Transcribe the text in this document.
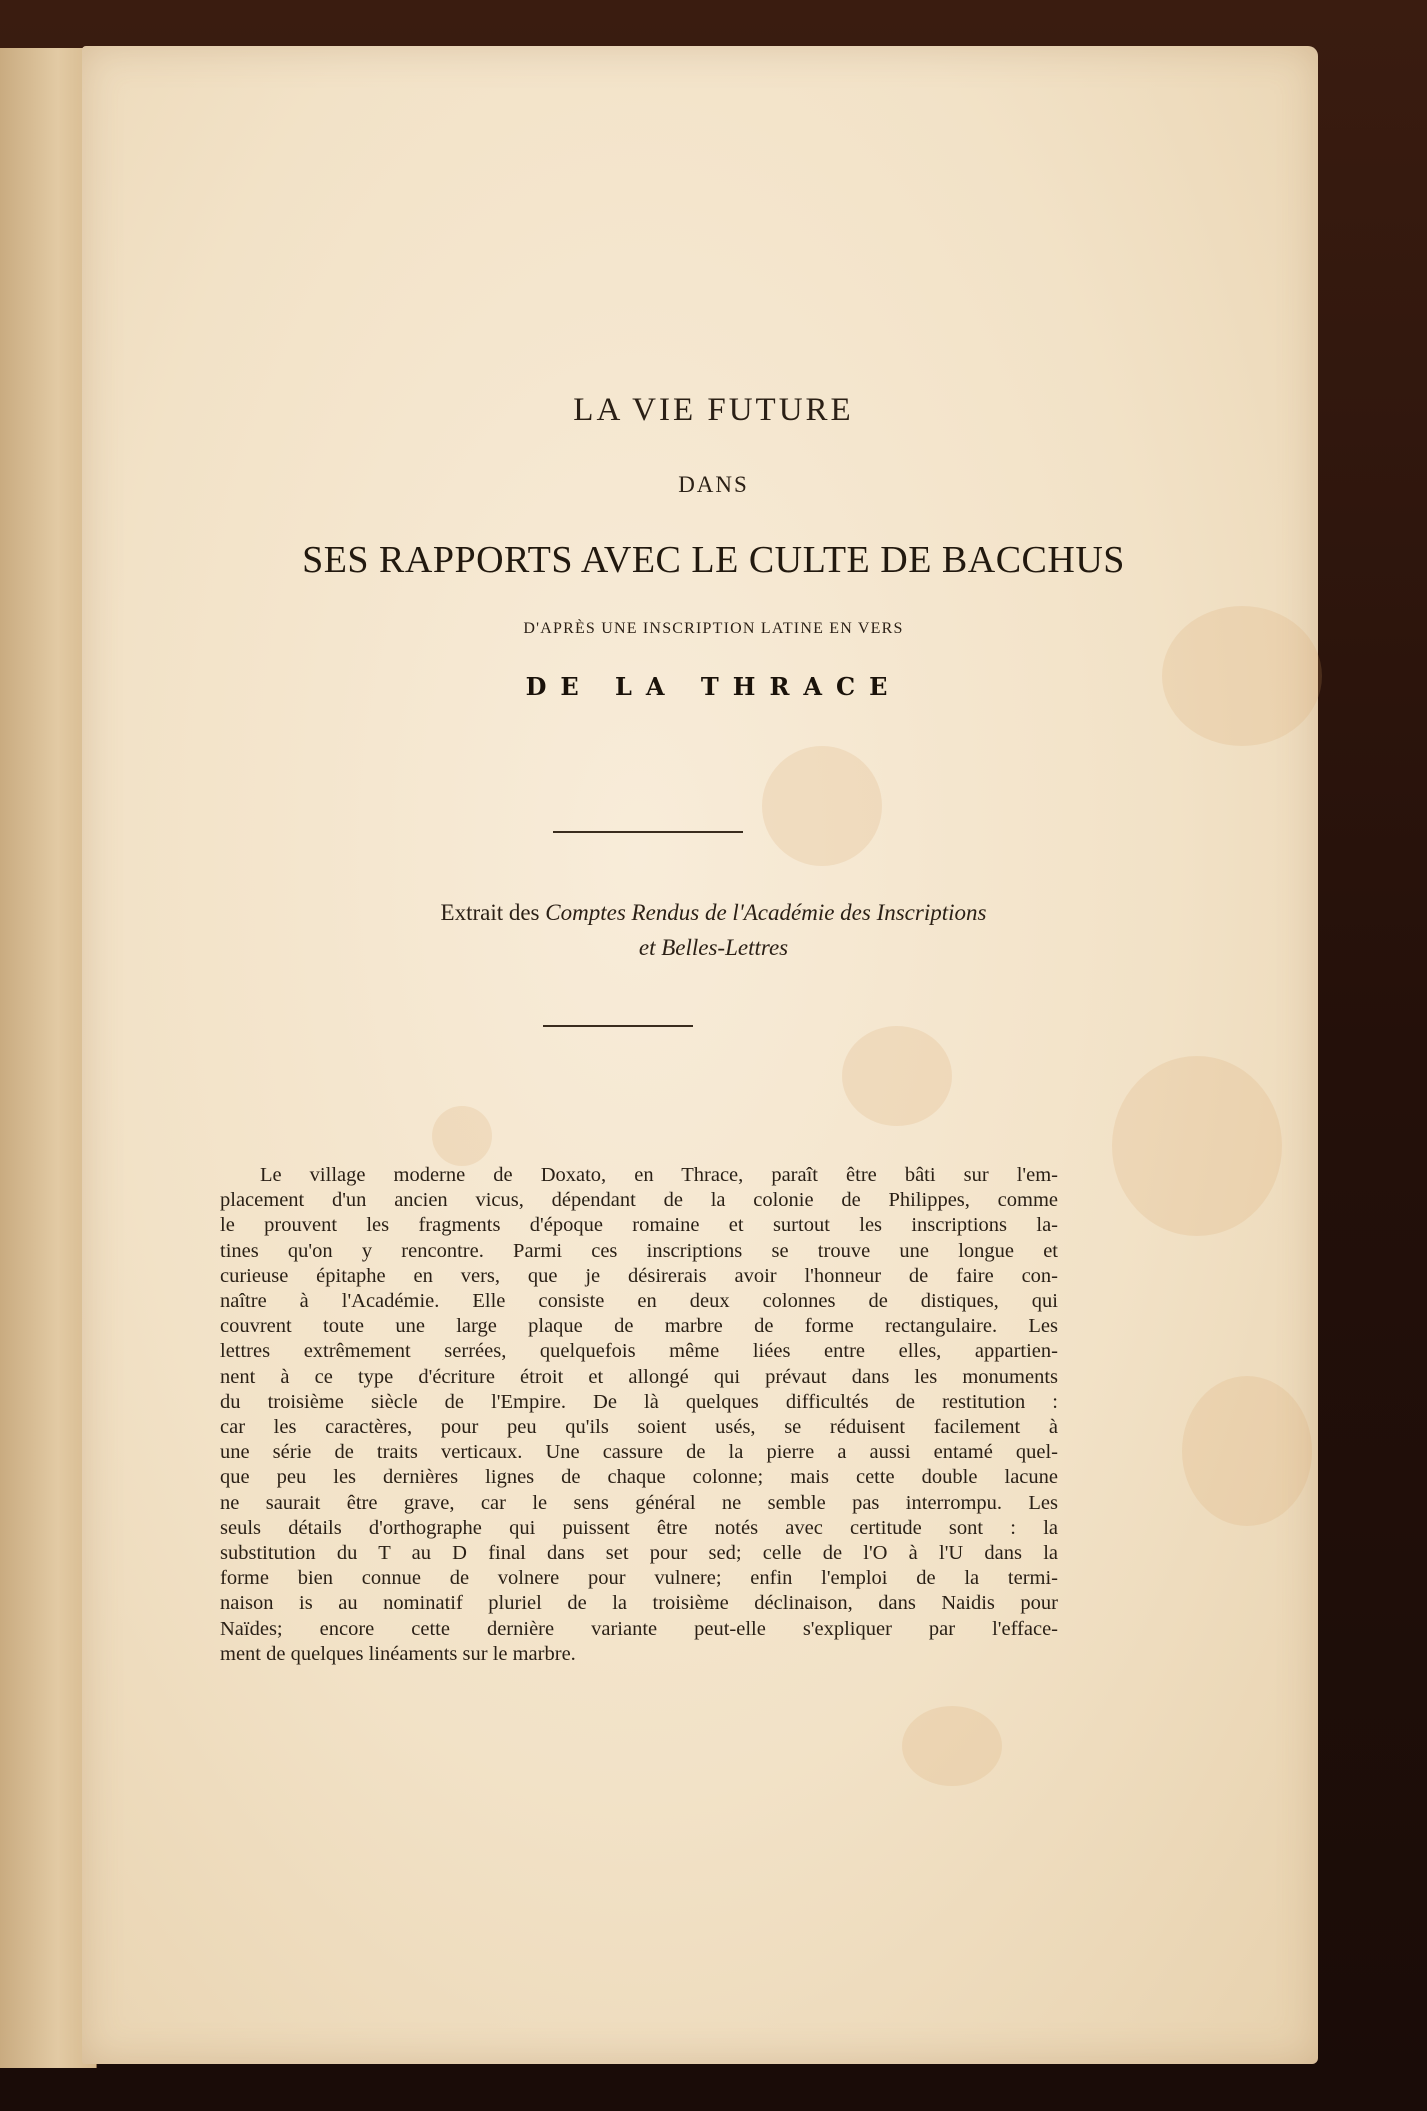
LA VIE FUTURE
DANS
SES RAPPORTS AVEC LE CULTE DE BACCHUS
D'APRÈS UNE INSCRIPTION LATINE EN VERS
DE LA THRACE
Extrait des Comptes Rendus de l'Académie des Inscriptions
et Belles-Lettres
Le village moderne de Doxato, en Thrace, paraît être bâti sur l'em-
placement d'un ancien vicus, dépendant de la colonie de Philippes, comme
le prouvent les fragments d'époque romaine et surtout les inscriptions la-
tines qu'on y rencontre. Parmi ces inscriptions se trouve une longue et
curieuse épitaphe en vers, que je désirerais avoir l'honneur de faire con-
naître à l'Académie. Elle consiste en deux colonnes de distiques, qui
couvrent toute une large plaque de marbre de forme rectangulaire. Les
lettres extrêmement serrées, quelquefois même liées entre elles, appartien-
nent à ce type d'écriture étroit et allongé qui prévaut dans les monuments
du troisième siècle de l'Empire. De là quelques difficultés de restitution :
car les caractères, pour peu qu'ils soient usés, se réduisent facilement à
une série de traits verticaux. Une cassure de la pierre a aussi entamé quel-
que peu les dernières lignes de chaque colonne; mais cette double lacune
ne saurait être grave, car le sens général ne semble pas interrompu. Les
seuls détails d'orthographe qui puissent être notés avec certitude sont : la
substitution du T au D final dans set pour sed; celle de l'O à l'U dans la
forme bien connue de volnere pour vulnere; enfin l'emploi de la termi-
naison is au nominatif pluriel de la troisième déclinaison, dans Naidis pour
Naïdes; encore cette dernière variante peut-elle s'expliquer par l'efface-
ment de quelques linéaments sur le marbre.
